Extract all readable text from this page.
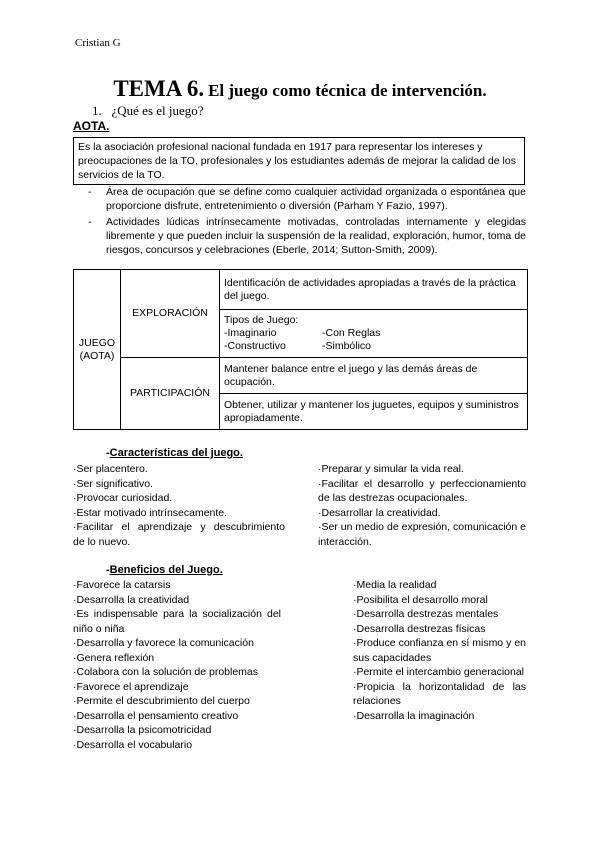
Cristian G
TEMA 6. El juego como técnica de intervención.
1. ¿Qué es el juego?
AOTA.
Es la asociación profesional nacional fundada en 1917 para representar los intereses y preocupaciones de la TO, profesionales y los estudiantes además de mejorar la calidad de los servicios de la TO.
- Área de ocupación que se define como cualquier actividad organizada o espontánea que proporcione disfrute, entretenimiento o diversión (Parham Y Fazio, 1997).
- Actividades lúdicas intrínsecamente motivadas, controladas internamente y elegidas libremente y que pueden incluir la suspensión de la realidad, exploración, humor, toma de riesgos, concursos y celebraciones (Eberle, 2014; Sutton-Smith, 2009).
JUEGO
(AOTA)	EXPLORACIÓN	Identificación de actividades apropiadas a través de la práctica del juego.

		Tipos de Juego:
-Imaginario -Con Reglas
-Constructivo -Simbólico

	PARTICIPACIÓN	Mantener balance entre el juego y las demás áreas de ocupación.
		Obtener, utilizar y mantener los juguetes, equipos y suministros apropiadamente.
-Características del juego.
·Ser placentero.
·Ser significativo.
·Provocar curiosidad.
·Estar motivado intrínsecamente.
·Facilitar el aprendizaje y descubrimiento
de lo nuevo.
·Preparar y simular la vida real.
·Facilitar el desarrollo y perfeccionamiento de las destrezas ocupacionales.
·Desarrollar la creatividad.
·Ser un medio de expresión, comunicación e interacción.
-Beneficios del Juego.
·Favorece la catarsis
·Desarrolla la creatividad
·Es indispensable para la socialización del niño o niña
·Desarrolla y favorece la comunicación
·Genera reflexión
·Colabora con la solución de problemas
·Favorece el aprendizaje
·Permite el descubrimiento del cuerpo
·Desarrolla el pensamiento creativo
·Desarrolla la psicomotricidad
·Desarrolla el vocabulario
·Media la realidad
·Posibilita el desarrollo moral
·Desarrolla destrezas mentales
·Desarrolla destrezas físicas
·Produce confianza en sí mismo y en sus capacidades
·Permite el intercambio generacional
·Propicia la horizontalidad de las relaciones
·Desarrolla la imaginación
